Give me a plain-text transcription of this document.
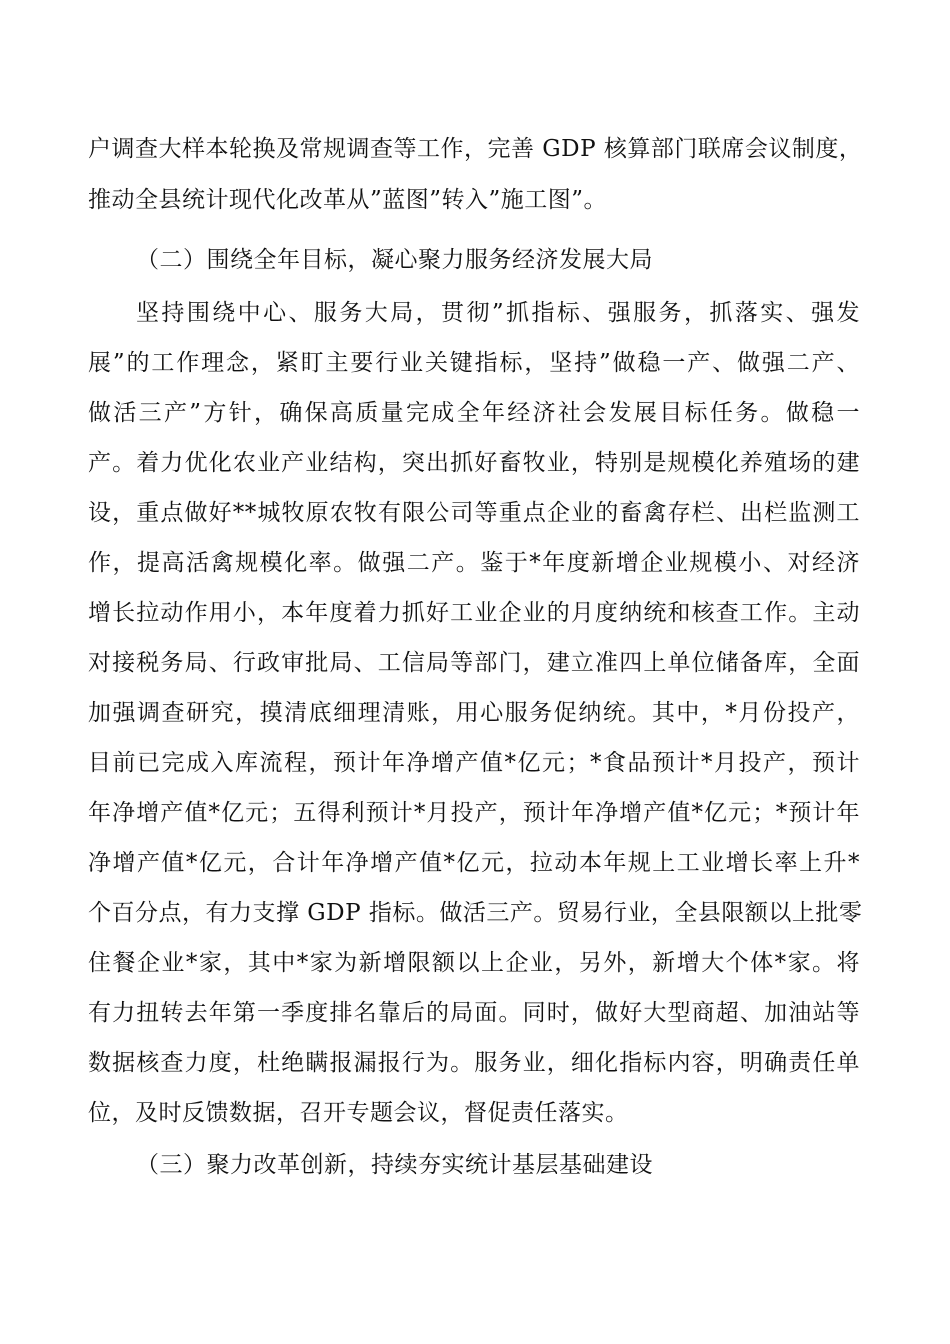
户调查大样本轮换及常规调查等工作，完善 GDP 核算部门联席会议制度，
推动全县统计现代化改革从”蓝图”转入”施工图”。
（二）围绕全年目标，凝心聚力服务经济发展大局
坚持围绕中心、服务大局，贯彻”抓指标、强服务，抓落实、强发
展”的工作理念，紧盯主要行业关键指标，坚持”做稳一产、做强二产、
做活三产”方针，确保高质量完成全年经济社会发展目标任务。做稳一
产。着力优化农业产业结构，突出抓好畜牧业，特别是规模化养殖场的建
设，重点做好**城牧原农牧有限公司等重点企业的畜禽存栏、出栏监测工
作，提高活禽规模化率。做强二产。鉴于*年度新增企业规模小、对经济
增长拉动作用小，本年度着力抓好工业企业的月度纳统和核查工作。主动
对接税务局、行政审批局、工信局等部门，建立准四上单位储备库，全面
加强调查研究，摸清底细理清账，用心服务促纳统。其中，*月份投产，
目前已完成入库流程，预计年净增产值*亿元；*食品预计*月投产，预计
年净增产值*亿元；五得利预计*月投产，预计年净增产值*亿元；*预计年
净增产值*亿元，合计年净增产值*亿元，拉动本年规上工业增长率上升*
个百分点，有力支撑 GDP 指标。做活三产。贸易行业，全县限额以上批零
住餐企业*家，其中*家为新增限额以上企业，另外，新增大个体*家。将
有力扭转去年第一季度排名靠后的局面。同时，做好大型商超、加油站等
数据核查力度，杜绝瞒报漏报行为。服务业，细化指标内容，明确责任单
位，及时反馈数据，召开专题会议，督促责任落实。
（三）聚力改革创新，持续夯实统计基层基础建设
